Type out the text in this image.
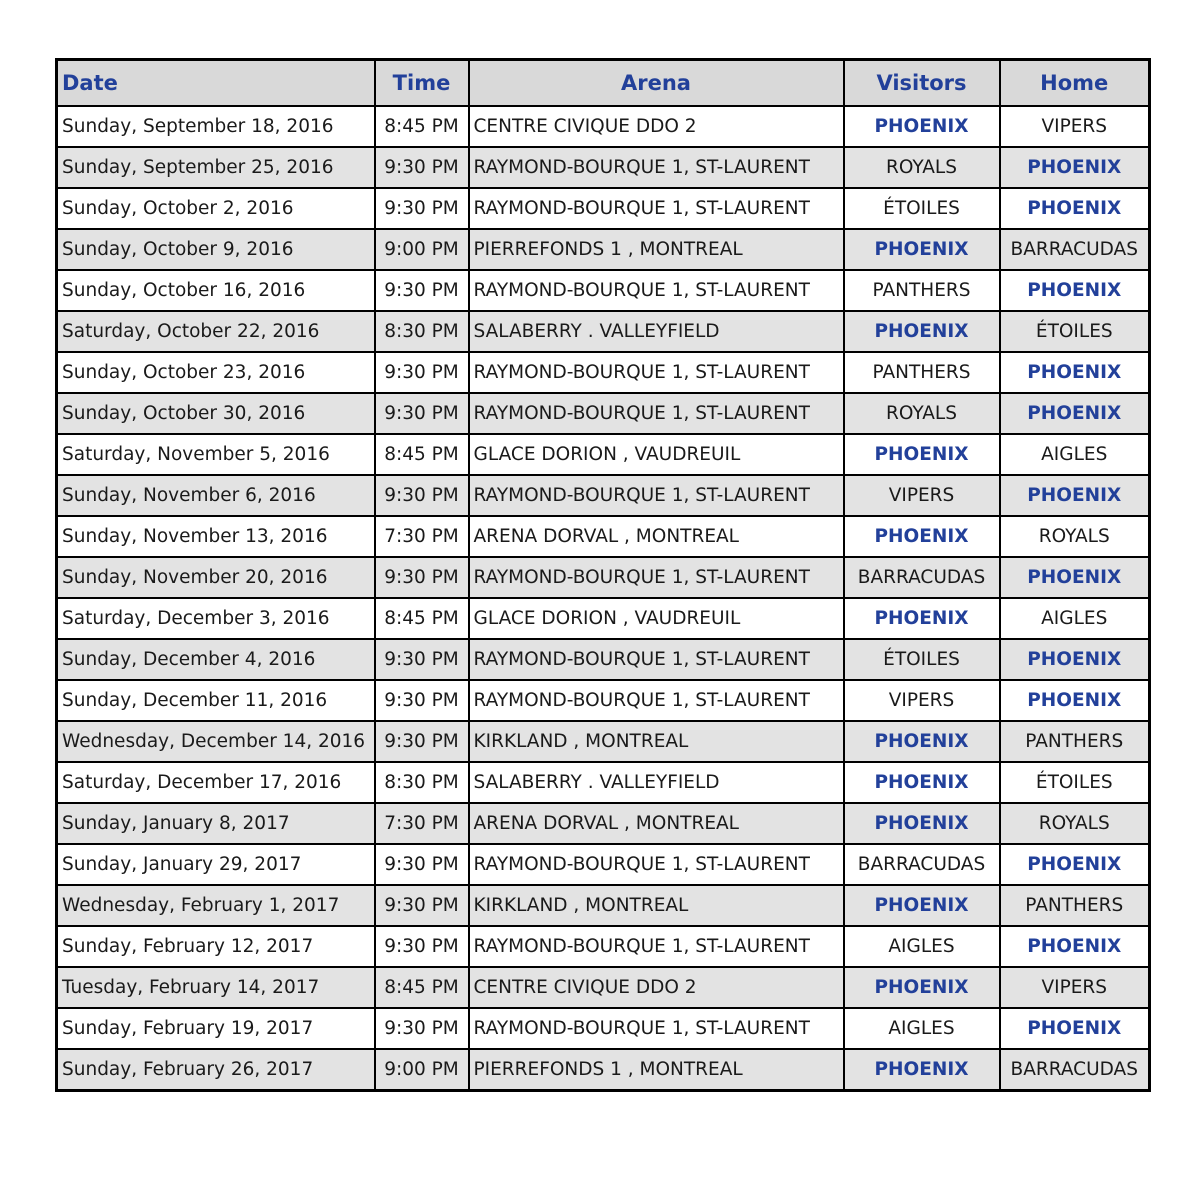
Date	Time	Arena	Visitors	Home
Sunday, September 18, 2016	8:45 PM	CENTRE CIVIQUE DDO 2	PHOENIX	VIPERS
Sunday, September 25, 2016	9:30 PM	RAYMOND-BOURQUE 1, ST-LAURENT	ROYALS	PHOENIX
Sunday, October 2, 2016	9:30 PM	RAYMOND-BOURQUE 1, ST-LAURENT	ÉTOILES	PHOENIX
Sunday, October 9, 2016	9:00 PM	PIERREFONDS 1 , MONTREAL	PHOENIX	BARRACUDAS
Sunday, October 16, 2016	9:30 PM	RAYMOND-BOURQUE 1, ST-LAURENT	PANTHERS	PHOENIX
Saturday, October 22, 2016	8:30 PM	SALABERRY . VALLEYFIELD	PHOENIX	ÉTOILES
Sunday, October 23, 2016	9:30 PM	RAYMOND-BOURQUE 1, ST-LAURENT	PANTHERS	PHOENIX
Sunday, October 30, 2016	9:30 PM	RAYMOND-BOURQUE 1, ST-LAURENT	ROYALS	PHOENIX
Saturday, November 5, 2016	8:45 PM	GLACE DORION , VAUDREUIL	PHOENIX	AIGLES
Sunday, November 6, 2016	9:30 PM	RAYMOND-BOURQUE 1, ST-LAURENT	VIPERS	PHOENIX
Sunday, November 13, 2016	7:30 PM	ARENA DORVAL , MONTREAL	PHOENIX	ROYALS
Sunday, November 20, 2016	9:30 PM	RAYMOND-BOURQUE 1, ST-LAURENT	BARRACUDAS	PHOENIX
Saturday, December 3, 2016	8:45 PM	GLACE DORION , VAUDREUIL	PHOENIX	AIGLES
Sunday, December 4, 2016	9:30 PM	RAYMOND-BOURQUE 1, ST-LAURENT	ÉTOILES	PHOENIX
Sunday, December 11, 2016	9:30 PM	RAYMOND-BOURQUE 1, ST-LAURENT	VIPERS	PHOENIX
Wednesday, December 14, 2016	9:30 PM	KIRKLAND , MONTREAL	PHOENIX	PANTHERS
Saturday, December 17, 2016	8:30 PM	SALABERRY . VALLEYFIELD	PHOENIX	ÉTOILES
Sunday, January 8, 2017	7:30 PM	ARENA DORVAL , MONTREAL	PHOENIX	ROYALS
Sunday, January 29, 2017	9:30 PM	RAYMOND-BOURQUE 1, ST-LAURENT	BARRACUDAS	PHOENIX
Wednesday, February 1, 2017	9:30 PM	KIRKLAND , MONTREAL	PHOENIX	PANTHERS
Sunday, February 12, 2017	9:30 PM	RAYMOND-BOURQUE 1, ST-LAURENT	AIGLES	PHOENIX
Tuesday, February 14, 2017	8:45 PM	CENTRE CIVIQUE DDO 2	PHOENIX	VIPERS
Sunday, February 19, 2017	9:30 PM	RAYMOND-BOURQUE 1, ST-LAURENT	AIGLES	PHOENIX
Sunday, February 26, 2017	9:00 PM	PIERREFONDS 1 , MONTREAL	PHOENIX	BARRACUDAS
